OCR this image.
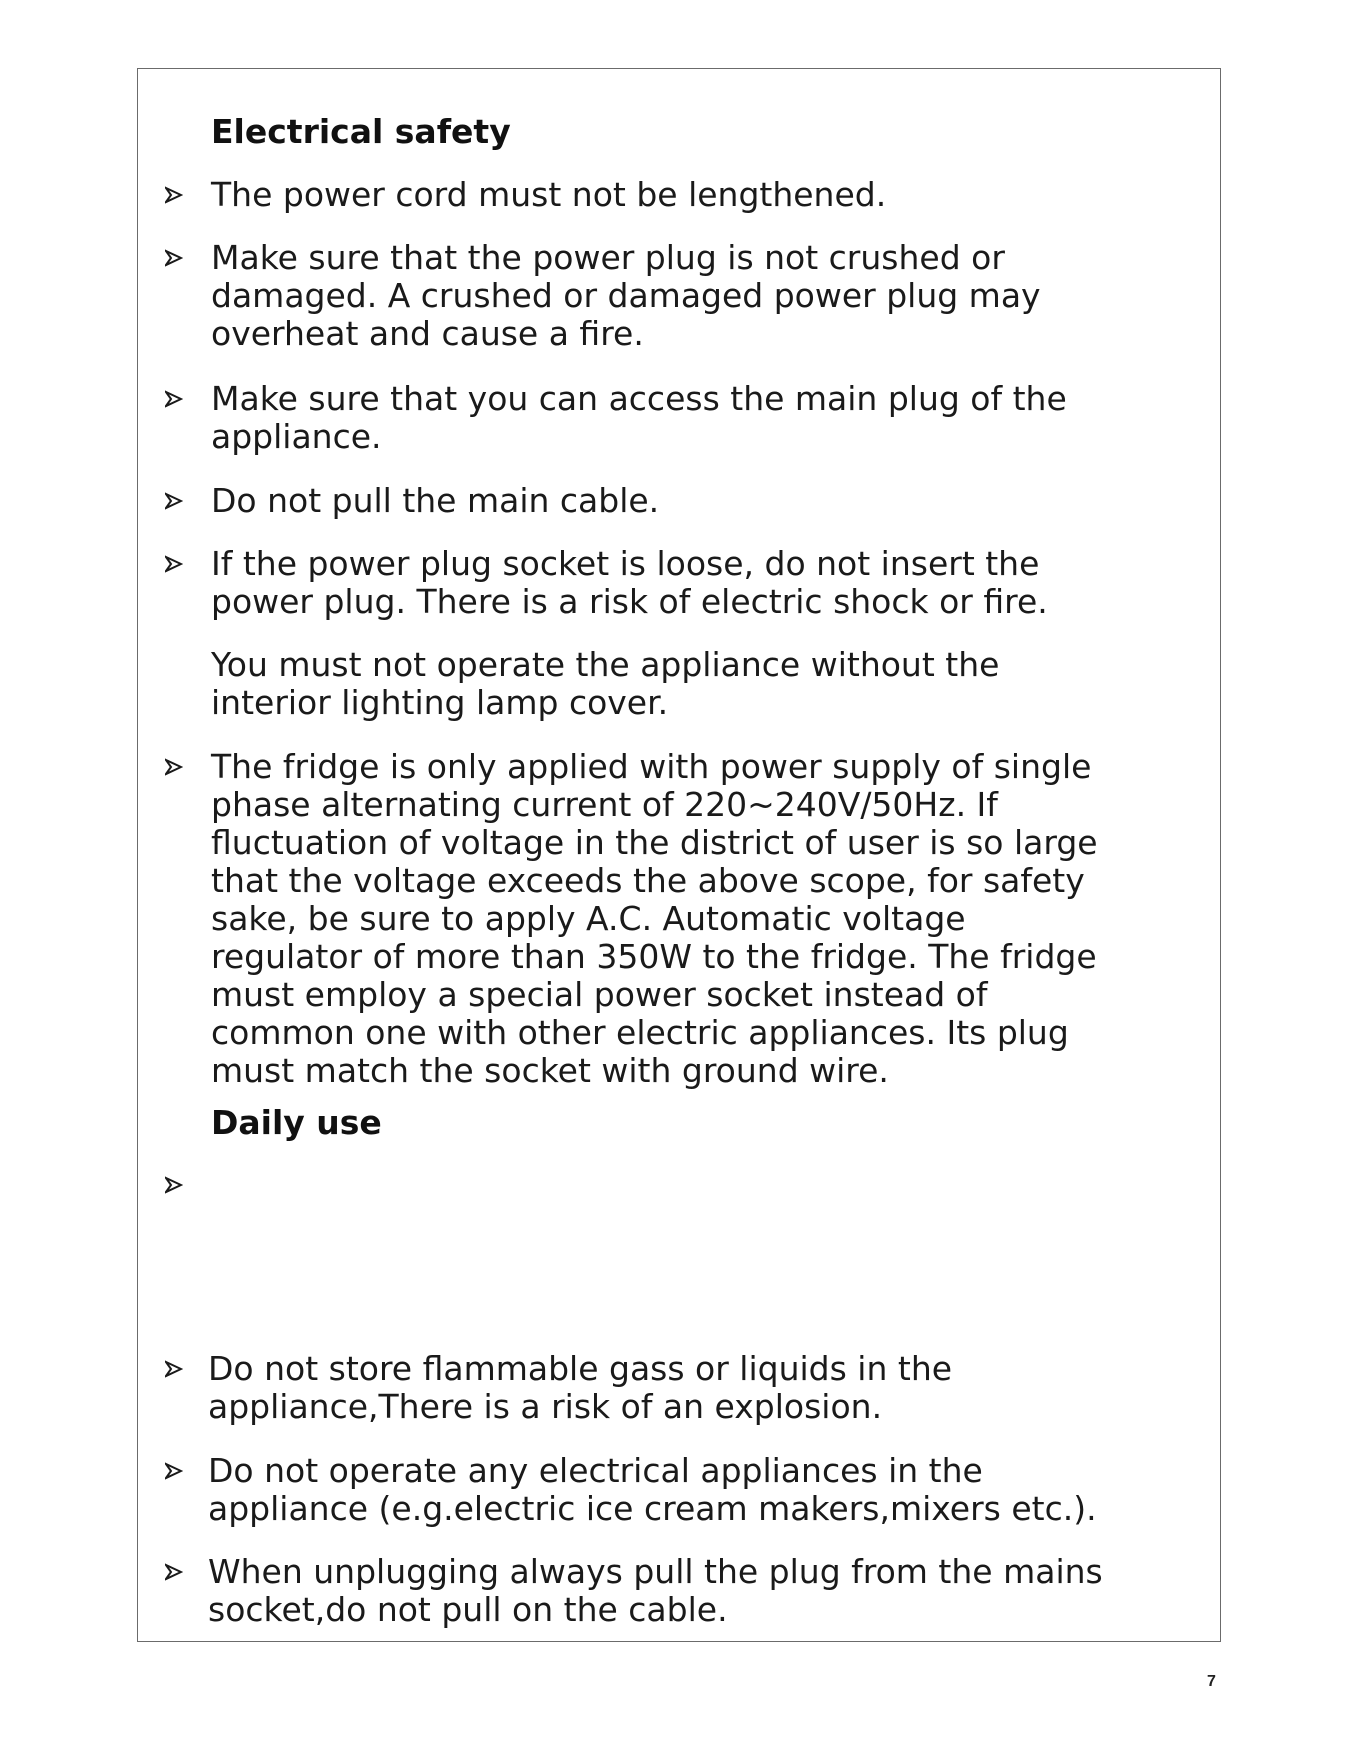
Electrical safety

The power cord must not be lengthened.

Make sure that the power plug is not crushed or

damaged. A crushed or damaged power plug may

overheat and cause a fire.

Make sure that you can access the main plug of the

appliance.

Do not pull the main cable.

If the power plug socket is loose, do not insert the

power plug. There is a risk of electric shock or fire.

You must not operate the appliance without the

interior lighting lamp cover.

The fridge is only applied with power supply of single

phase alternating current of 220~240V/50Hz. If

fluctuation of voltage in the district of user is so large

that the voltage exceeds the above scope, for safety

sake, be sure to apply A.C. Automatic voltage

regulator of more than 350W to the fridge. The fridge

must employ a special power socket instead of

common one with other electric appliances. Its plug

must match the socket with ground wire.

Daily use

Do not store flammable gass or liquids in the

appliance,There is a risk of an explosion.

Do not operate any electrical appliances in the

appliance (e.g.electric ice cream makers,mixers etc.).

When unplugging always pull the plug from the mains

socket,do not pull on the cable.

7
